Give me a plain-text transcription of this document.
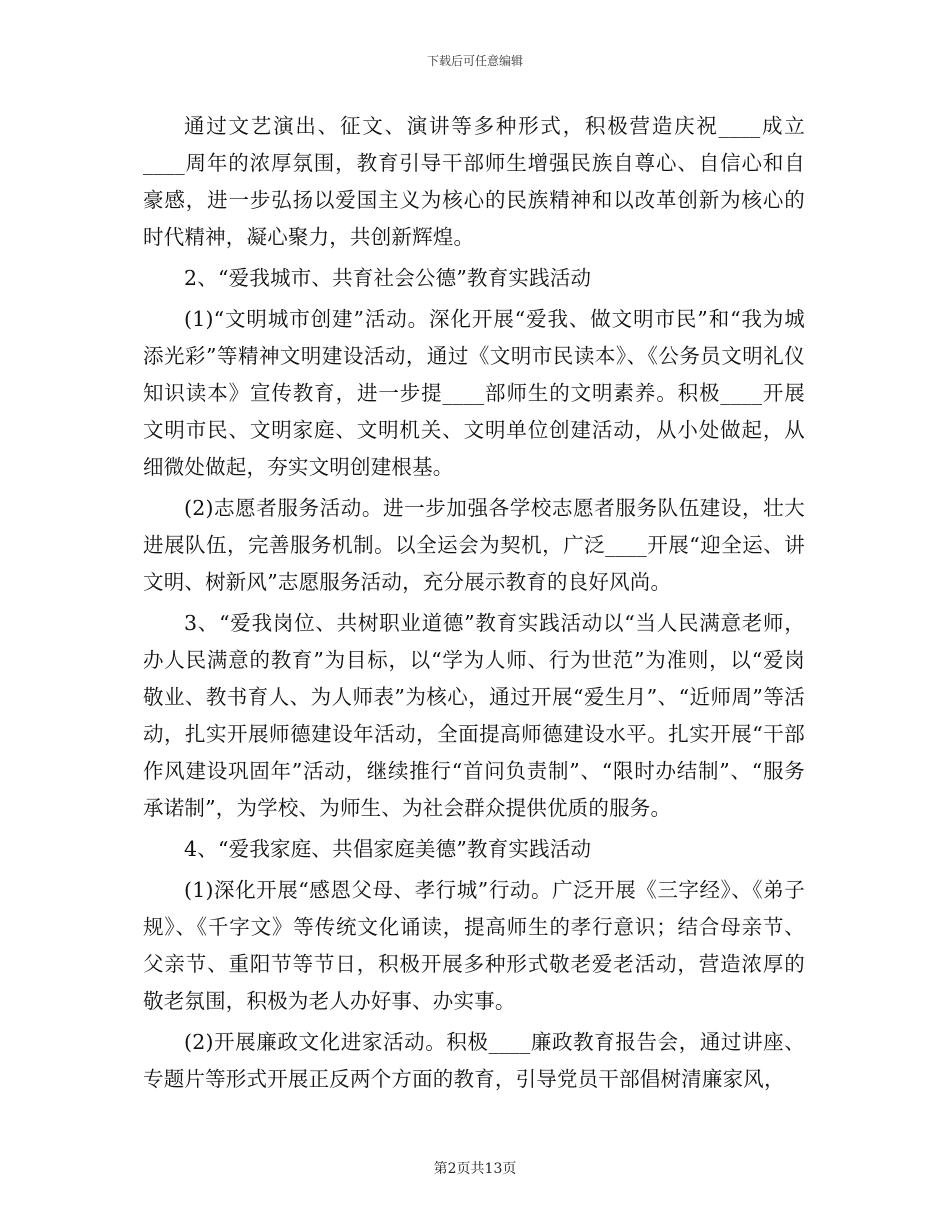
下载后可任意编辑

通过文艺演出、征文、演讲等多种形式，积极营造庆祝____成立____周年的浓厚氛围，教育引导干部师生增强民族自尊心、自信心和自豪感，进一步弘扬以爱国主义为核心的民族精神和以改革创新为核心的时代精神，凝心聚力，共创新辉煌。

2、“爱我城市、共育社会公德”教育实践活动

(1)“文明城市创建”活动。深化开展“爱我、做文明市民”和“我为城添光彩”等精神文明建设活动，通过《文明市民读本》、《公务员文明礼仪知识读本》宣传教育，进一步提____部师生的文明素养。积极____开展文明市民、文明家庭、文明机关、文明单位创建活动，从小处做起，从细微处做起，夯实文明创建根基。

(2)志愿者服务活动。进一步加强各学校志愿者服务队伍建设，壮大进展队伍，完善服务机制。以全运会为契机，广泛____开展“迎全运、讲文明、树新风”志愿服务活动，充分展示教育的良好风尚。

3、“爱我岗位、共树职业道德”教育实践活动以“当人民满意老师，办人民满意的教育”为目标，以“学为人师、行为世范”为准则，以“爱岗敬业、教书育人、为人师表”为核心，通过开展“爱生月”、“近师周”等活动，扎实开展师德建设年活动，全面提高师德建设水平。扎实开展“干部作风建设巩固年”活动，继续推行“首问负责制”、“限时办结制”、“服务承诺制”，为学校、为师生、为社会群众提供优质的服务。

4、“爱我家庭、共倡家庭美德”教育实践活动

(1)深化开展“感恩父母、孝行城”行动。广泛开展《三字经》、《弟子规》、《千字文》等传统文化诵读，提高师生的孝行意识；结合母亲节、父亲节、重阳节等节日，积极开展多种形式敬老爱老活动，营造浓厚的敬老氛围，积极为老人办好事、办实事。

(2)开展廉政文化进家活动。积极____廉政教育报告会，通过讲座、专题片等形式开展正反两个方面的教育，引导党员干部倡树清廉家风，

第2页共13页
